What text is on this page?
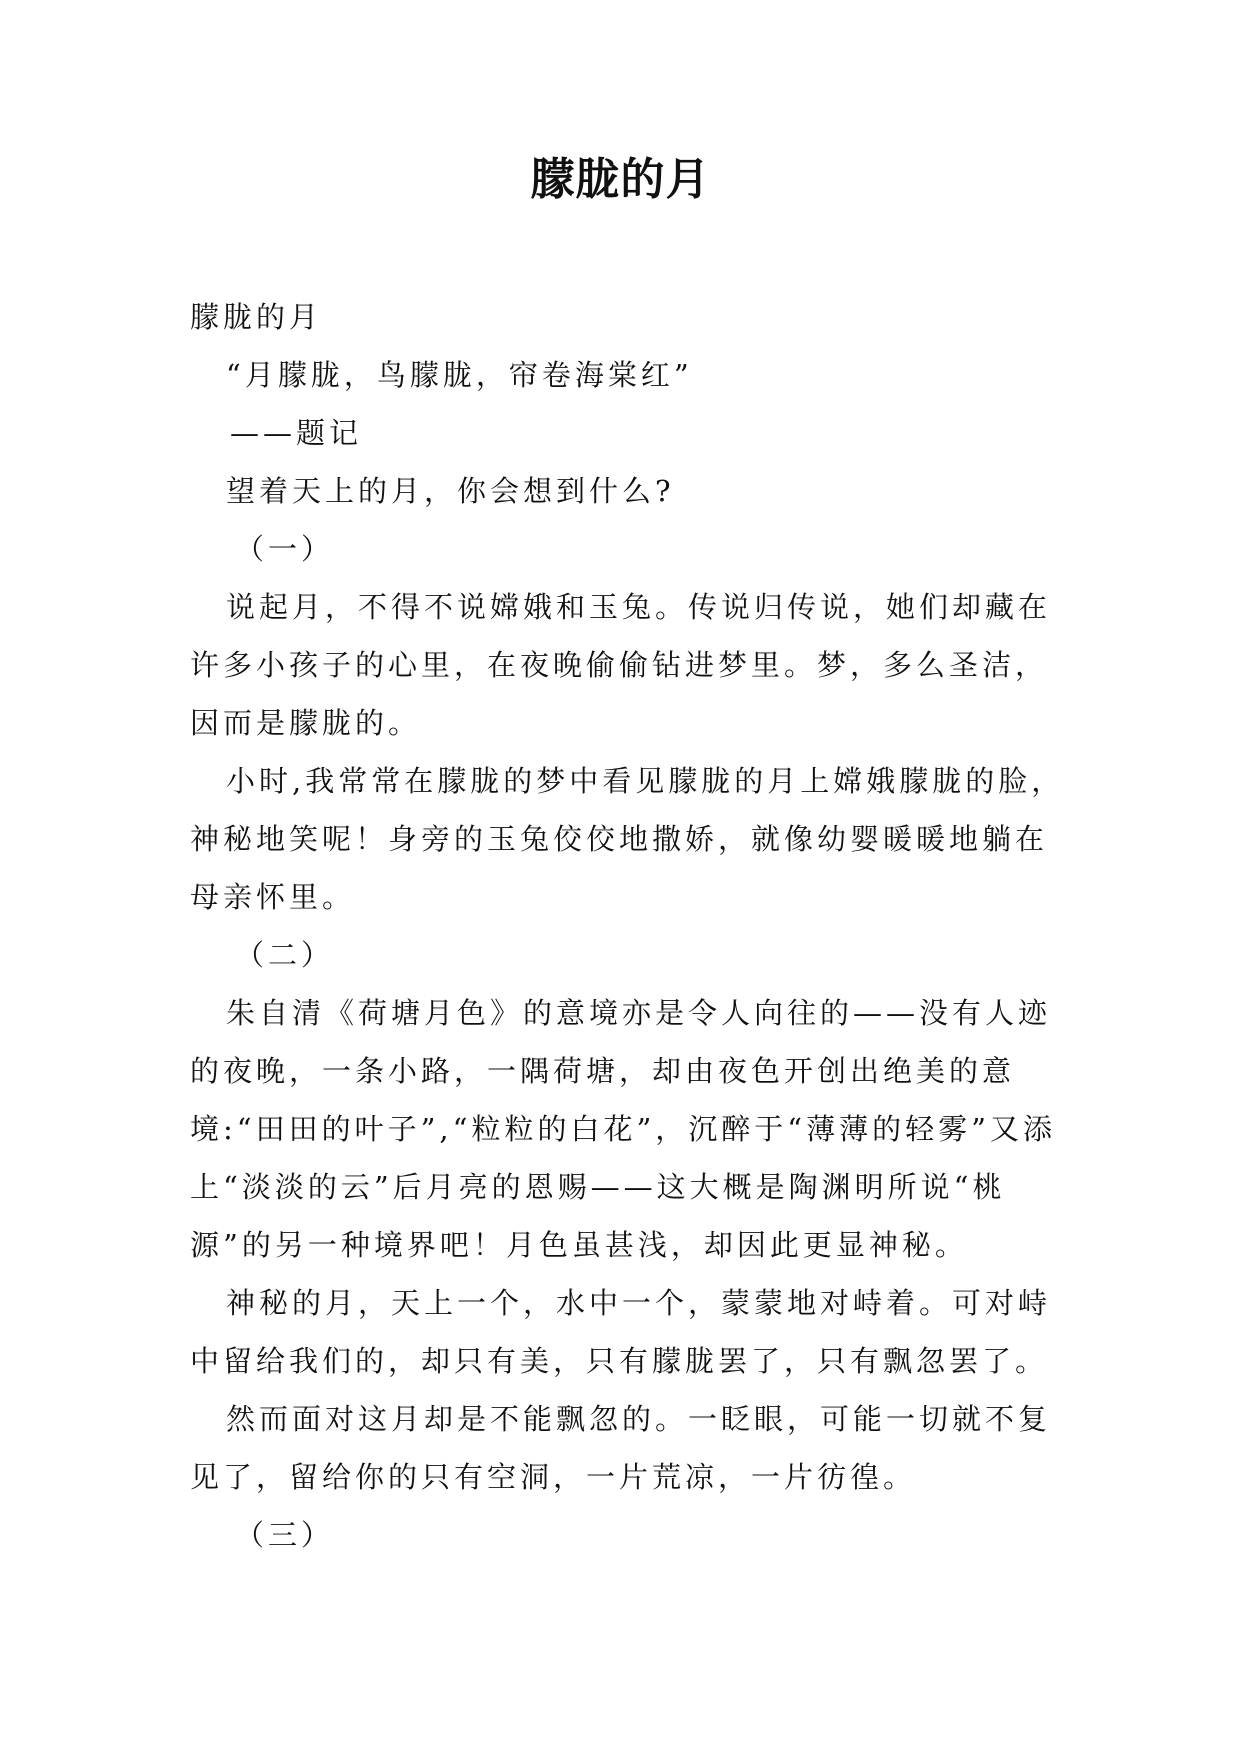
朦胧的月

朦胧的月

“月朦胧，鸟朦胧，帘卷海棠红”

——题记

望着天上的月，你会想到什么?

（一）

说起月，不得不说嫦娥和玉兔。传说归传说，她们却藏在许多小孩子的心里，在夜晚偷偷钻进梦里。梦，多么圣洁，因而是朦胧的。

小时,我常常在朦胧的梦中看见朦胧的月上嫦娥朦胧的脸，神秘地笑呢！身旁的玉兔佼佼地撒娇，就像幼婴暖暖地躺在母亲怀里。

（二）

朱自清《荷塘月色》的意境亦是令人向往的——没有人迹的夜晚，一条小路，一隅荷塘，却由夜色开创出绝美的意境:“田田的叶子”,“粒粒的白花”，沉醉于“薄薄的轻雾”又添上“淡淡的云”后月亮的恩赐——这大概是陶渊明所说“桃源”的另一种境界吧！月色虽甚浅，却因此更显神秘。

神秘的月，天上一个，水中一个，蒙蒙地对峙着。可对峙中留给我们的，却只有美，只有朦胧罢了，只有飘忽罢了。

然而面对这月却是不能飘忽的。一眨眼，可能一切就不复见了，留给你的只有空洞，一片荒凉，一片彷徨。

（三）
